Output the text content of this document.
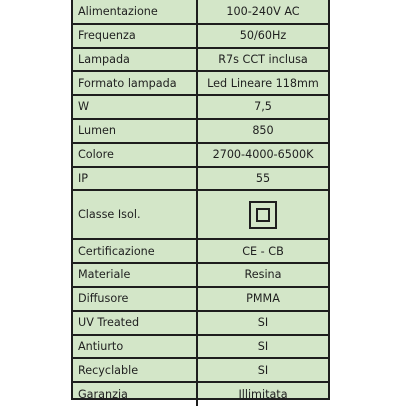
Alimentazione	100-240V AC
Frequenza	50/60Hz
Lampada	R7s CCT inclusa
Formato lampada	Led Lineare 118mm
W	7,5
Lumen	850
Colore	2700-4000-6500K
IP	55
Classe Isol.	
Certificazione	CE - CB
Materiale	Resina
Diffusore	PMMA
UV Treated	SI
Antiurto	SI
Recyclable	SI
Garanzia	Illimitata
